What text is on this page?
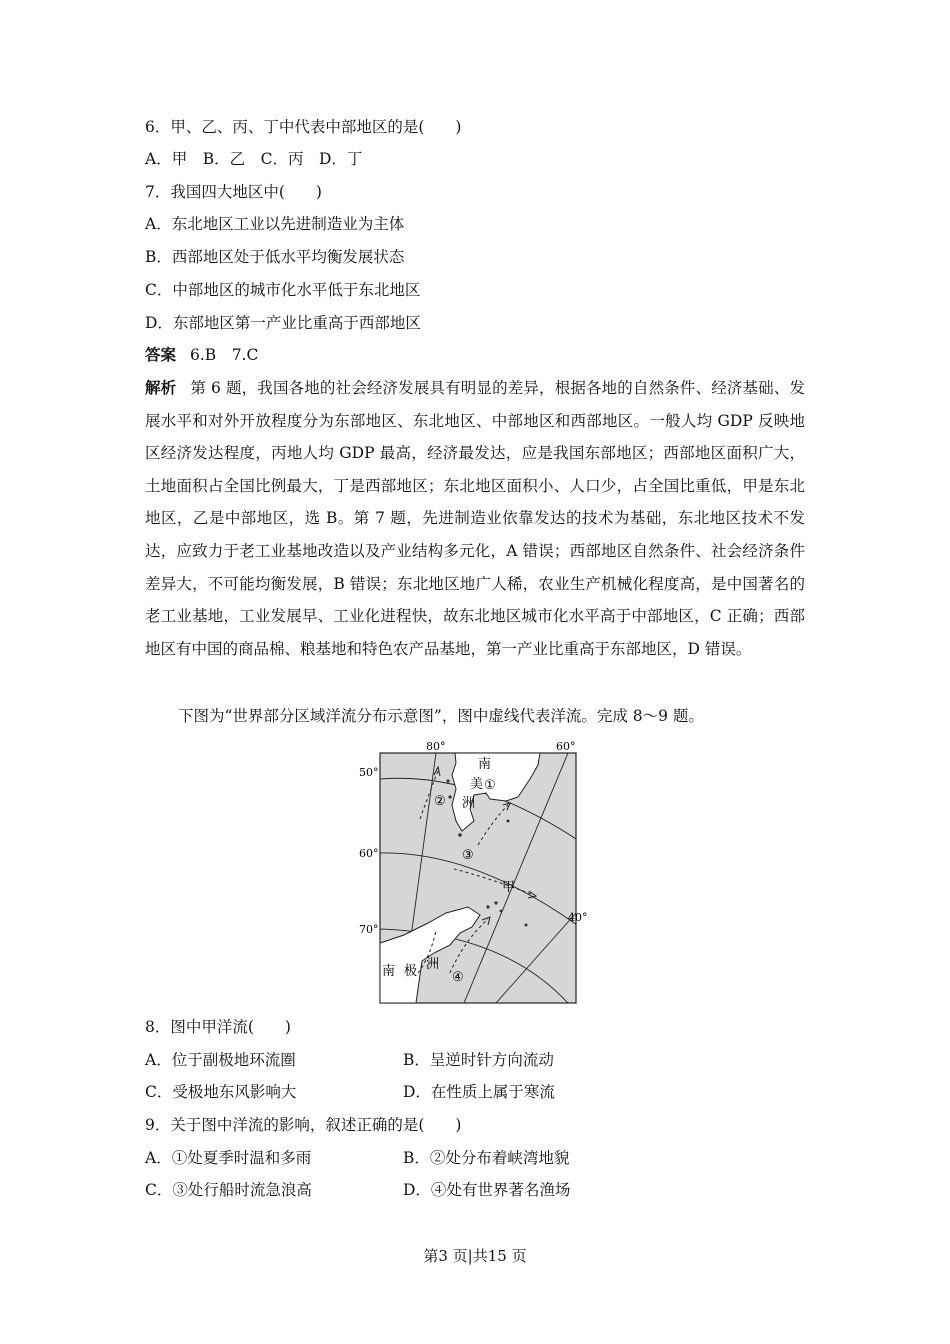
6．甲、乙、丙、丁中代表中部地区的是(　　)
A．甲　B．乙　C．丙　D．丁
7．我国四大地区中(　　)
A．东北地区工业以先进制造业为主体
B．西部地区处于低水平均衡发展状态
C．中部地区的城市化水平低于东北地区
D．东部地区第一产业比重高于西部地区
答案 6.B　7.C
解析 第 6 题，我国各地的社会经济发展具有明显的差异，根据各地的自然条件、经济基础、发展水平和对外开放程度分为东部地区、东北地区、中部地区和西部地区。一般人均 GDP 反映地区经济发达程度，丙地人均 GDP 最高，经济最发达，应是我国东部地区；西部地区面积广大，土地面积占全国比例最大，丁是西部地区；东北地区面积小、人口少，占全国比重低，甲是东北地区，乙是中部地区，选 B。第 7 题，先进制造业依靠发达的技术为基础，东北地区技术不发达，应致力于老工业基地改造以及产业结构多元化，A 错误；西部地区自然条件、社会经济条件差异大，不可能均衡发展，B 错误；东北地区地广人稀，农业生产机械化程度高，是中国著名的老工业基地，工业发展早、工业化进程快，故东北地区城市化水平高于中部地区，C 正确；西部地区有中国的商品棉、粮基地和特色农产品基地，第一产业比重高于东部地区，D 错误。
下图为“世界部分区域洋流分布示意图”，图中虚线代表洋流。完成 8～9 题。
80°	60°
40°
50°
60°
70°
南
美
洲
①
②
③
④
甲
南 极 洲
8．图中甲洋流(　　)
A．位于副极地环流圈	B．呈逆时针方向流动
C．受极地东风影响大	D．在性质上属于寒流
9．关于图中洋流的影响，叙述正确的是(　　)
A．①处夏季时温和多雨	B．②处分布着峡湾地貌
C．③处行船时流急浪高	D．④处有世界著名渔场
第3 页|共15 页
